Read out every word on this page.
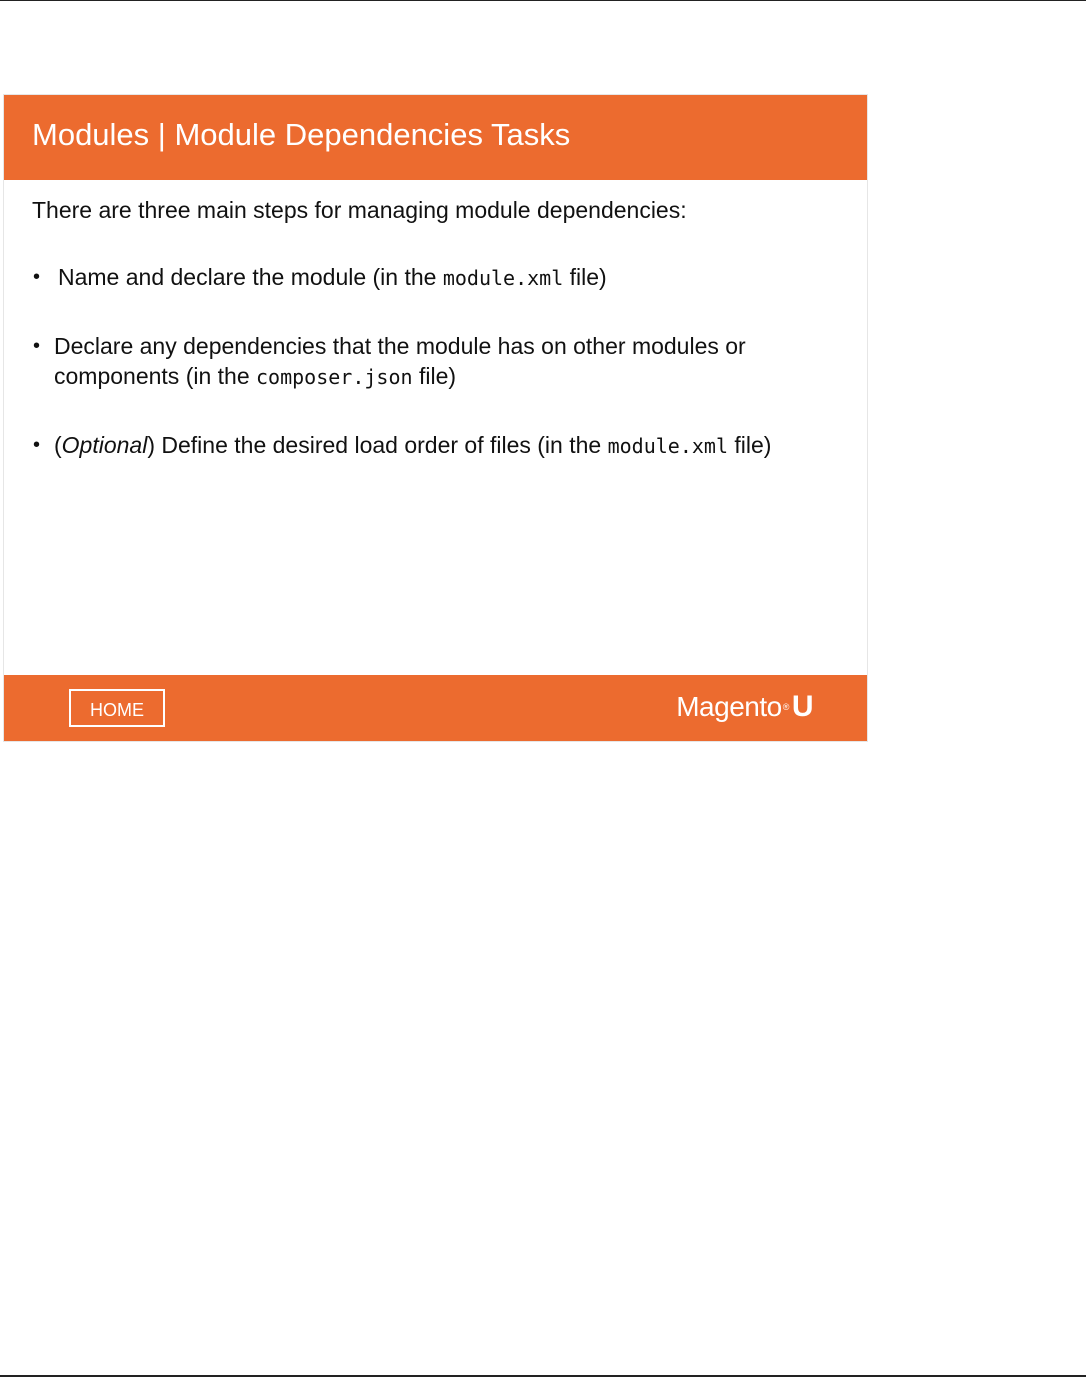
Modules | Module Dependencies Tasks

There are three main steps for managing module dependencies:

• Name and declare the module (in the module.xml file)
• Declare any dependencies that the module has on other modules or components (in the composer.json file)
• (Optional) Define the desired load order of files (in the module.xml file)
HOME	Magento® U
